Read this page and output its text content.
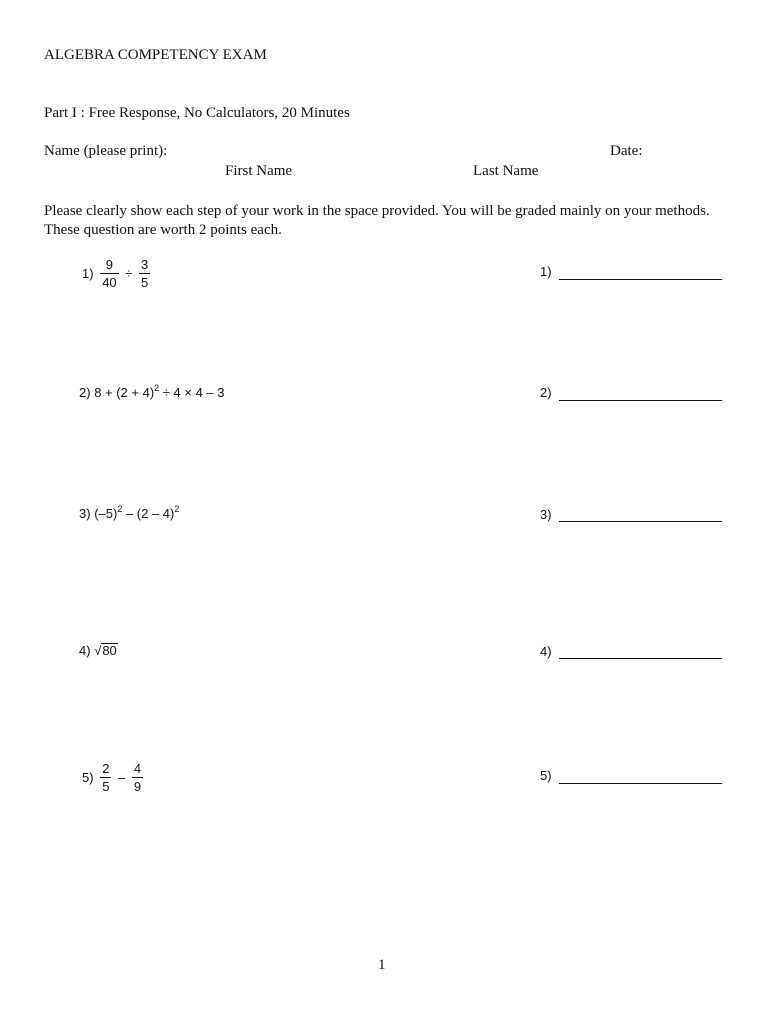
ALGEBRA COMPETENCY EXAM
Part I : Free Response, No Calculators, 20 Minutes
Name (please print):	Date:
First Name	Last Name
Please clearly show each step of your work in the space provided. You will be graded mainly on your methods. These question are worth 2 points each.
$1) \frac{9}{40} \div \frac{3}{5}$	1)
2) $8 + (2 + 4)^2 \div 4 \times 4 - 3$	2)
3) $(-5)^2 - (2 - 4)^2$	3)
4) √80	4)
$5) \frac{2}{5} - \frac{4}{9}$	5)
1
